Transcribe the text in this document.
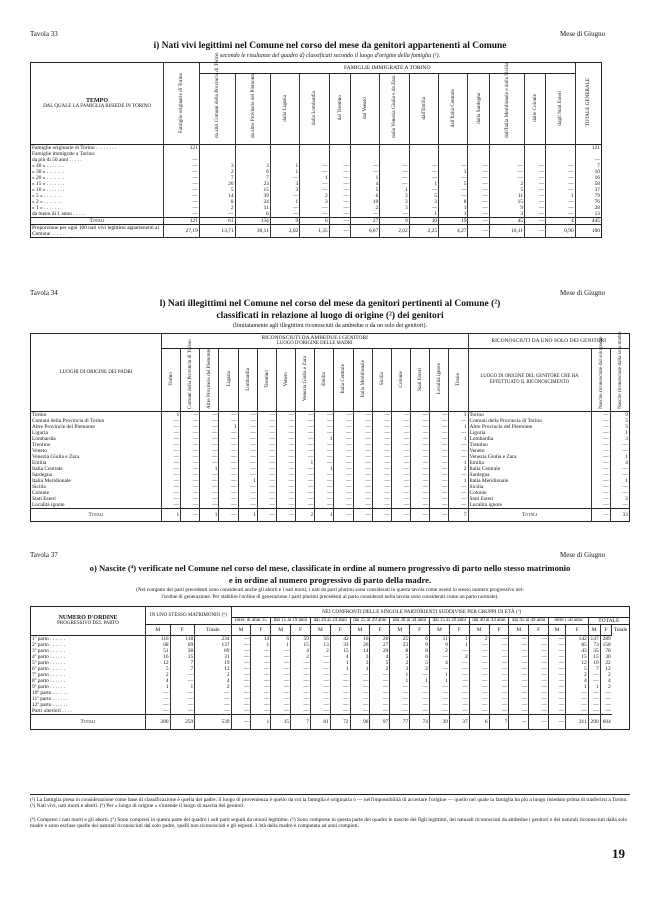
Tavola 33	Mese di Giugno
i) Nati vivi legittimi nel Comune nel corso del mese da genitori appartenenti al Comune
secondo le risultanze del quadro d) classificati secondo il luogo d'origine della famiglia (¹).
TEMPO
DAL QUALE LA FAMIGLIA RISIEDE IN TORINO	Famiglie originarie di Torino	FAMIGLIE IMMIGRATE A TORINO													TOTALE GENERALE
		da altri Comuni della Provincia di Torino	da altre Provincie del Piemonte	dalla Liguria	dalla Lombardia	dal Trentino	dal Veneto	dalla Venezia Giulia e da Zara	dall'Emilia	dall'Italia Centrale	dalla Sardegna	dall'Italia Meridionale e dalla Sicilia	dalle Colonie	dagli Stati Esteri	
Famiglie originarie di Torino . . . . . . . .	121														121
Famiglie immigrate a Torino:															
da più di 50 anni . . . . .	—														—
» 40 » . . . . . . .	—	3	3	1	—	—	—	—	—	—	—	—	—	—	7
» 30 » . . . . . . .	—	2	6	1	—	—	—	—	—	1	—	—	—	—	10
» 20 » . . . . . . .	—	7	7	—	1	—	1	—	—	—	—	—	—	—	16
» 15 » . . . . . . .	—	20	23	3	—	—	4	—	1	5	—	2	—	—	58
» 10 » . . . . . . .	—	5	15	3	—	—	5	1	—	—	—	5	—	—	37
» 5 » . . . . . . .	—	14	39	—	2	—	6	3	5	—	—	11	—	1	79
» 2 » . . . . . . .	—	8	24	1	3	—	10	3	3	8	—	15	—	—	76
» 1 » . . . . . . .	—	2	11	—	—	—	2	3	—	1	—	9	—	—	28
da meno di 1 anno . . . . .	—	—	6	—	—	—	—	—	1	1	—	3	—	—	13
Totali	121	61	134	9	6	—	27	9	10	19	—	45	—	4	445
Proporzione per ogni 100 nati vivi legittimi appartenenti al Comune . . . . . .	27,19	13,71	30,11	2,02	1,35	—	6,07	2,02	2,25	4,27	—	10,11	—	0,90	100
Tavola 34	Mese di Giugno
l) Nati illegittimi nel Comune nel corso del mese da genitori pertinenti al Comune (²)
classificati in relazione al luogo di origine (²) dei genitori
(limitatamente agli illegittimi riconosciuti da ambedue o da un solo dei genitori).
LUOGHI DI ORIGINE DEI PADRI	RICONOSCIUTI DA AMBEDUE I GENITORI
LUOGO D'ORIGINE DELLE MADRI																RICONOSCIUTI DA UNO SOLO DEI GENITORI		
	Torino	Comuni della Provincia di Torino	Altre Provincie del Piemonte	Liguria	Lombardia	Trentino	Veneto	Venezia Giulia e Zara	Emilia	Italia Centrale	Italia Meridionale	Sicilia	Colonie	Stati Esteri	Località ignote	Totale	LUOGO DI ORIGINE DEL GENITORE CHE HA EFFETTUATO IL RICONOSCIMENTO	Nascite riconosciute dal solo padre	Nascite riconosciute dalla sola madre
Torino	1	—	—	—	—	—	—	—	—	—	—	—	—	—	—	1	Torino	—	9
Comuni della Provincia di Torino	—	—	—	—	—	—	—	—	—	—	—	—	—	—	—	—	Comuni della Provincia di Torino	—	5
Altre Provincie del Piemonte	—	—	—	1	—	—	—	—	—	—	—	—	—	—	—	1	Altre Provincie del Piemonte	—	3
Liguria	—	—	—	—	—	—	—	—	—	—	—	—	—	—	—	—	Liguria	—	1
Lombardia	—	—	—	—	—	—	—	—	1	—	—	—	—	—	—	1	Lombardia	—	3
Trentino	—	—	—	—	—	—	—	—	—	—	—	—	—	—	—	—	Trentino	—	—
Veneto	—	—	—	—	—	—	—	—	—	—	—	—	—	—	—	—	Veneto	—	—
Venezia Giulia e Zara	—	—	—	—	—	—	—	—	—	—	—	—	—	—	—	—	Venezia Giulia e Zara	—	1
Emilia	—	—	—	—	—	—	—	1	—	—	—	—	—	—	—	1	Emilia	—	4
Italia Centrale	—	—	1	—	—	—	—	—	1	—	—	—	—	—	—	2	Italia Centrale	—	—
Sardegna	—	—	—	—	—	—	—	—	—	—	—	—	—	—	—	—	Sardegna	—	—
Italia Meridionale	—	—	—	—	1	—	—	—	—	—	—	—	—	—	—	1	Italia Meridionale	—	1
Sicilia	—	—	—	—	—	—	—	—	—	—	—	—	—	—	—	—	Sicilia	—	—
Colonie	—	—	—	—	—	—	—	—	—	—	—	—	—	—	—	—	Colonie	—	—
Stati Esteri	—	—	—	—	—	—	—	—	—	—	—	—	—	—	—	—	Stati Esteri	—	3
Località ignote	—	—	—	—	—	—	—	—	—	—	—	—	—	—	—	—	Località ignote	—	—
Totali	1	—	1	—	1	—	—	2	1	—	—	—	—	—	—	7	Totali	—	33
Tavola 37	Mese di Giugno
o) Nascite (⁴) verificate nel Comune nel corso del mese, classificate in ordine al numero progressivo di parto nello stesso matrimonio
e in ordine al numero progressivo di parto della madre.
(Nel computo dei parti precedenti sono considerati anche gli aborti e i nati morti; i nati da parti plurimi sono considerati in questa tavola come aventi lo stesso numero progressivo nel-
l'ordine di generazione. Per stabilire l'ordine di generazione i parti plurimi precedenti ai parto considerati nella tavola sono considerati come un parto normale).
NUMERO D'ORDINE
PROGRESSIVO DEL PARTO	IN UNO STESSO MATRIMONIO (⁵)			NEI CONFRONTI DELLE SINGOLE PARTORIENTI SUDDIVISE PER GRUPPI DI ETÀ (⁶)																				
				infer. di anni 15		dai 15 ai 19 anni		dai 20 ai 24 anni		dai 25 ai 29 anni		dai 30 ai 34 anni		dai 35 ai 39 anni		dai 40 ai 44 anni		dai 45 ai 49 anni		oltre i 50 anni		TOTALE		
	M	F	Totale	M	F	M	F	M	F	M	F	M	F	M	F	M	F	M	F	M	F	M	F	Totale
1º parto . . . . . .	116	118	234	—	14	6	59	56	42	16	20	25	6	11	1	2	—	—	—	—	142	147	289	
2º parto . . . . . .	68	69	137	—	1	1	15	13	33	26	27	23	9	9	1	—	—	—	—	—	85	73	158	
3º parto . . . . . .	51	38	89	—	—	—	4	2	15	14	20	8	8	2	—	—	—	—	—	—	43	35	78	
4º parto . . . . . .	16	15	31	—	—	—	2	—	4	3	4	5	6	—	2	—	—	—	—	—	15	15	30	
5º parto . . . . . .	12	7	19	—	—	—	—	—	1	3	5	2	5	4	—	—	—	—	—	—	12	10	22	
6º parto . . . . . .	5	7	12	—	—	—	—	—	1	1	2	3	2	—	—	—	—	—	—	—	5	7	12	
7º parto . . . . . .	2	—	2	—	—	—	—	—	—	—	—	1	—	1	—	—	—	—	—	—	2	—	2	
8º parto . . . . . .	4	—	4	—	—	—	—	—	—	—	—	1	1	1	—	—	—	—	—	—	4	—	4	
9º parto . . . . . .	1	1	2	—	—	—	—	—	—	—	—	—	—	—	—	—	—	—	—	—	1	1	2	
10º parto . . . . . .	—	—	—	—	—	—	—	—	—	—	—	—	—	—	—	—	—	—	—	—	—	—	—	
11º parto . . . . . .	—	—	—	—	—	—	—	—	—	—	—	—	—	—	—	—	—	—	—	—	—	—	—	
12º parto . . . . . .	—	—	—	—	—	—	—	—	—	—	—	—	—	—	—	—	—	—	—	—	—	—	—	
Parti ulteriori . . . .	—	—	—	—	—	—	—	—	—	—	—	—	—	—	—	—	—	—	—	—	—	—	—	
Totali	280	259	539	—	1	15	7	81	72	96	97	77	74	39	37	6	7	—	—	—	311	290	604	
(¹) La famiglia presa in considerazione come base di classificazione è quella del padre; il luogo di provenienza è quello da cui la famiglia è originaria o — nell'impossibilità di accertare l'origine — quello nel quale la famiglia ha più a lungo risieduto prima di trasferirsi a Torino. (²) Nati vivi, nati morti e aborti. (³) Per « luogo di origine » s'intende il luogo di nascita dei genitori.
(⁴) Compresi i nati morti e gli aborti. (⁵) Sono compresi in questa parte del quadro i soli parti seguiti da unioni legittime. (⁶) Sono comprese in questa parte del quadro le nascite dei figli legittimi, dei naturali riconosciuti da ambedue i genitori e dei naturali riconosciuti dalla sola madre e sono escluse quelle dei naturali riconosciuti dal solo padre, quelli non riconosciuti e gli esposti. L'età della madre è computata ad anni compiuti.
19
